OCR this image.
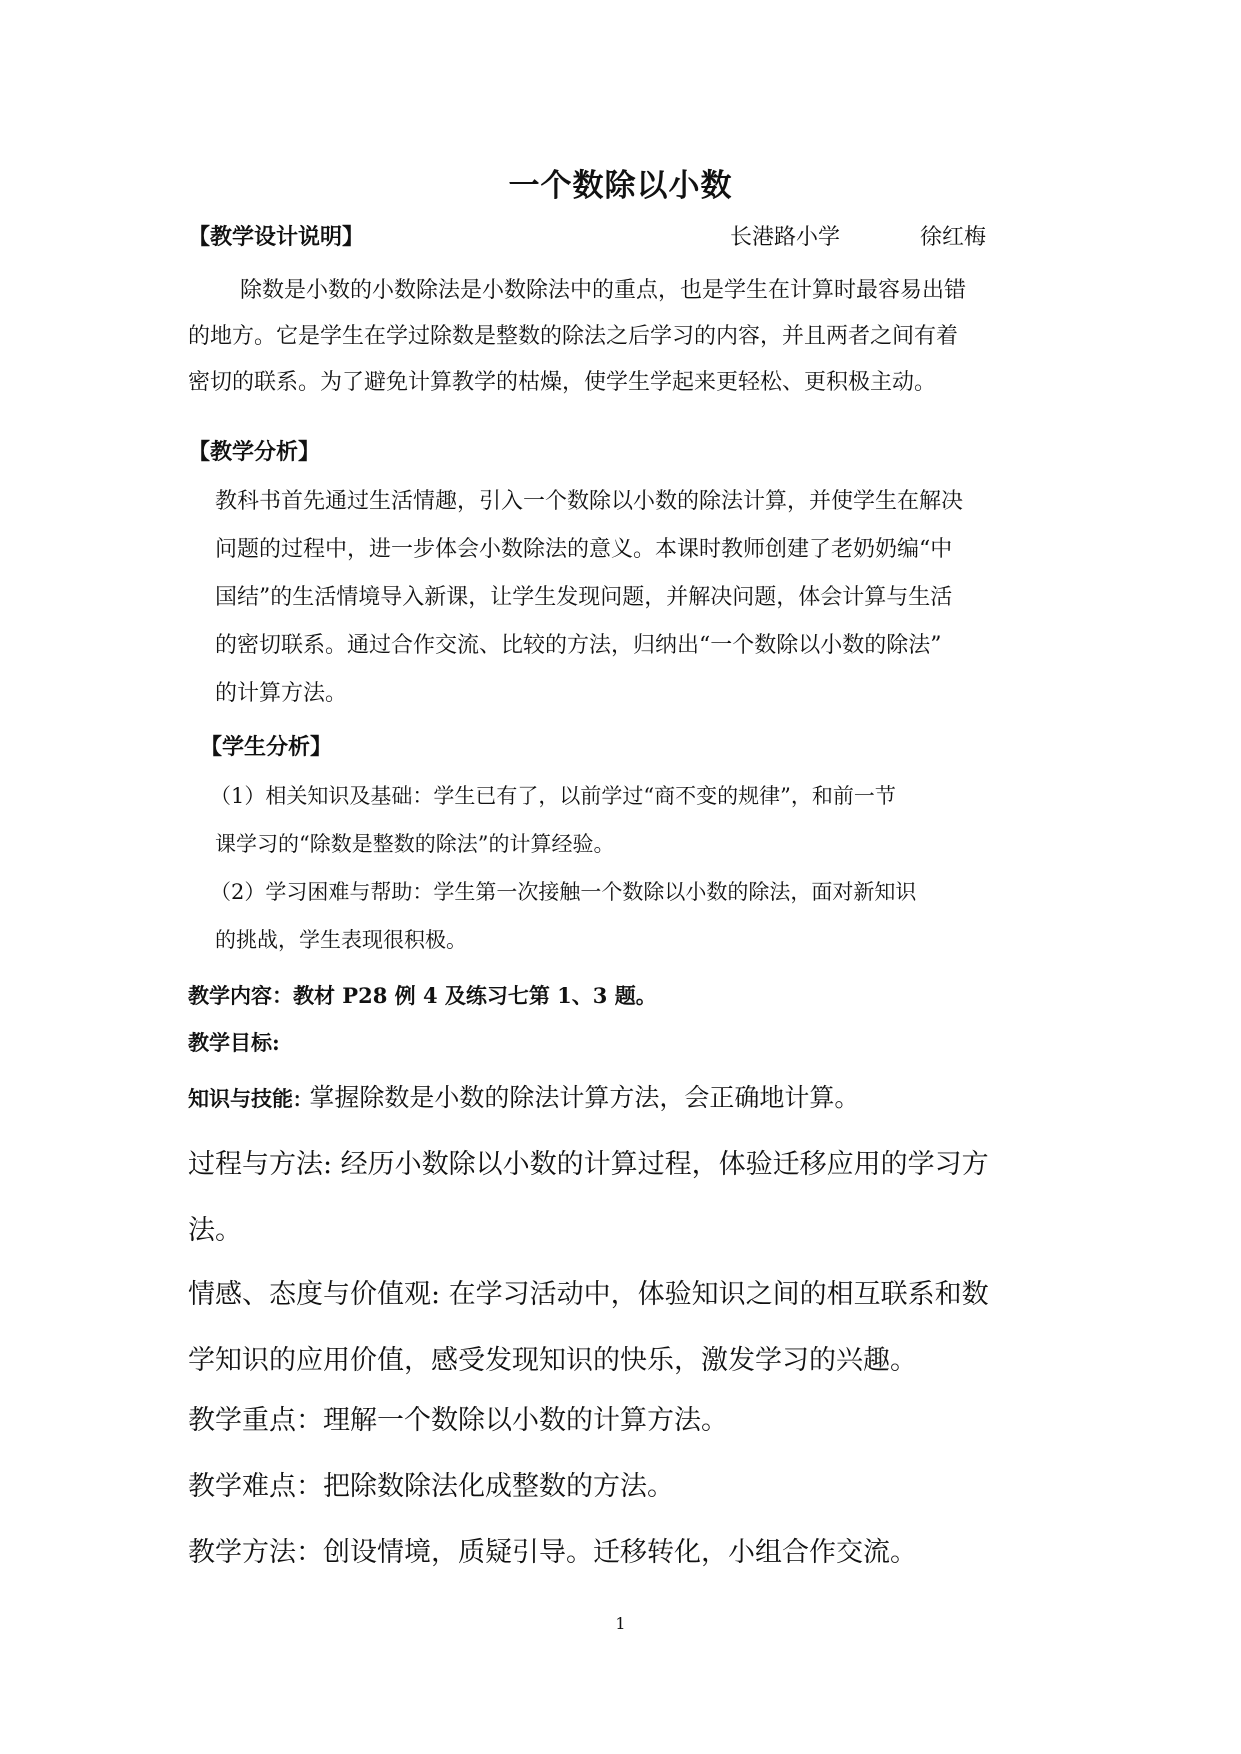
一个数除以小数
【教学设计说明】	长港路小学	徐红梅
除数是小数的小数除法是小数除法中的重点，也是学生在计算时最容易出错
的地方。它是学生在学过除数是整数的除法之后学习的内容，并且两者之间有着
密切的联系。为了避免计算教学的枯燥，使学生学起来更轻松、更积极主动。
【教学分析】
教科书首先通过生活情趣，引入一个数除以小数的除法计算，并使学生在解决
问题的过程中，进一步体会小数除法的意义。本课时教师创建了老奶奶编“中
国结”的生活情境导入新课，让学生发现问题，并解决问题，体会计算与生活
的密切联系。通过合作交流、比较的方法，归纳出“一个数除以小数的除法”
的计算方法。
【学生分析】
（1）相关知识及基础：学生已有了，以前学过“商不变的规律”，和前一节
课学习的“除数是整数的除法”的计算经验。
（2）学习困难与帮助：学生第一次接触一个数除以小数的除法，面对新知识
的挑战，学生表现很积极。
教学内容：教材 P28 例 4 及练习七第 1、3 题。
教学目标:
知识与技能: 掌握除数是小数的除法计算方法，会正确地计算。
过程与方法: 经历小数除以小数的计算过程，体验迁移应用的学习方
法。
情感、态度与价值观: 在学习活动中，体验知识之间的相互联系和数
学知识的应用价值，感受发现知识的快乐，激发学习的兴趣。
教学重点：理解一个数除以小数的计算方法。
教学难点：把除数除法化成整数的方法。
教学方法：创设情境，质疑引导。迁移转化，小组合作交流。
1
